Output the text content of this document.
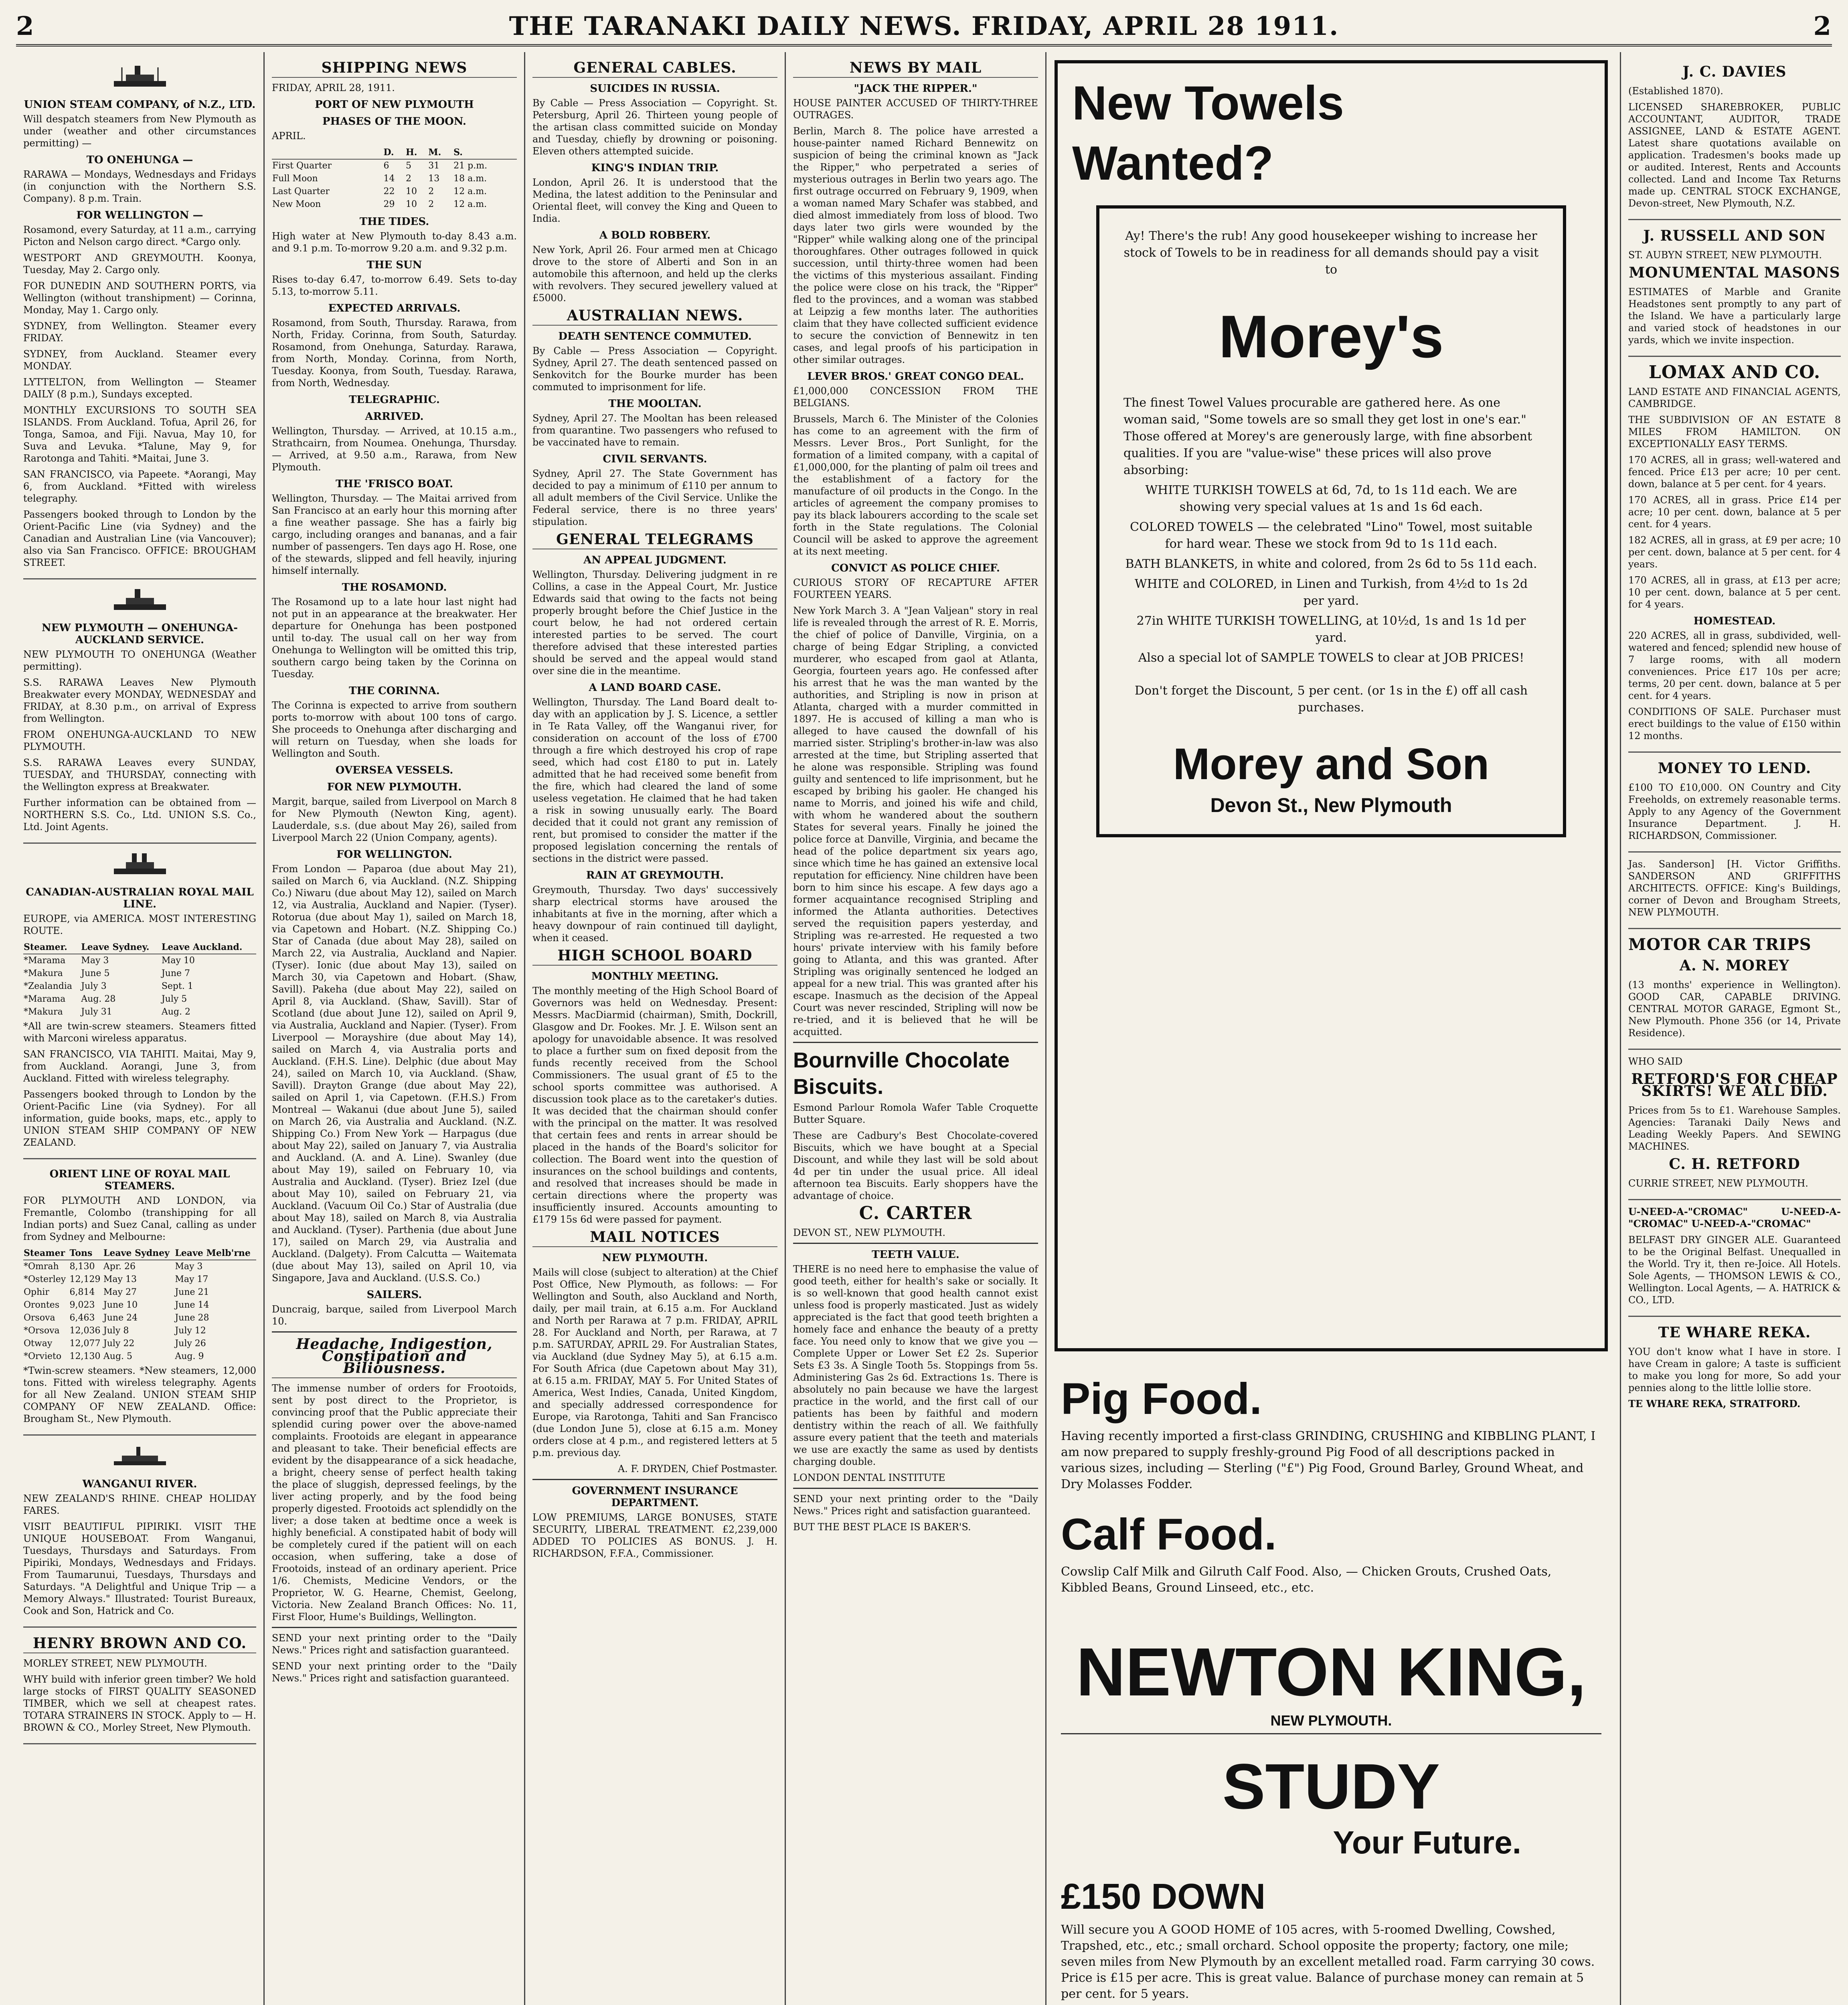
2	THE TARANAKI DAILY NEWS. FRIDAY, APRIL 28 1911.	2
UNION STEAM COMPANY, of N.Z., LTD.

Will despatch steamers from New Plymouth as under (weather and other circumstances permitting) —

TO ONEHUNGA —

RARAWA — Mondays, Wednesdays and Fridays (in conjunction with the Northern S.S. Company). 8 p.m. Train.

FOR WELLINGTON —

Rosamond, every Saturday, at 11 a.m., carrying Picton and Nelson cargo direct. *Cargo only.

WESTPORT AND GREYMOUTH. Koonya, Tuesday, May 2. Cargo only.

FOR DUNEDIN AND SOUTHERN PORTS, via Wellington (without transhipment) — Corinna, Monday, May 1. Cargo only.

SYDNEY, from Wellington. Steamer every FRIDAY.

SYDNEY, from Auckland. Steamer every MONDAY.

LYTTELTON, from Wellington — Steamer DAILY (8 p.m.), Sundays excepted.

MONTHLY EXCURSIONS TO SOUTH SEA ISLANDS. From Auckland. Tofua, April 26, for Tonga, Samoa, and Fiji. Navua, May 10, for Suva and Levuka. *Talune, May 9, for Rarotonga and Tahiti. *Maitai, June 3.

SAN FRANCISCO, via Papeete. *Aorangi, May 6, from Auckland. *Fitted with wireless telegraphy.

Passengers booked through to London by the Orient-Pacific Line (via Sydney) and the Canadian and Australian Line (via Vancouver); also via San Francisco. OFFICE: BROUGHAM STREET.

NEW PLYMOUTH — ONEHUNGA-AUCKLAND SERVICE.

NEW PLYMOUTH TO ONEHUNGA (Weather permitting).

S.S. RARAWA Leaves New Plymouth Breakwater every MONDAY, WEDNESDAY and FRIDAY, at 8.30 p.m., on arrival of Express from Wellington.

FROM ONEHUNGA-AUCKLAND TO NEW PLYMOUTH.

S.S. RARAWA Leaves every SUNDAY, TUESDAY, and THURSDAY, connecting with the Wellington express at Breakwater.

Further information can be obtained from — NORTHERN S.S. Co., Ltd. UNION S.S. Co., Ltd. Joint Agents.

CANADIAN-AUSTRALIAN ROYAL MAIL LINE.

EUROPE, via AMERICA. MOST INTERESTING ROUTE.

Steamer.	Leave Sydney.	Leave Auckland.
*Marama	May 3	May 10
*Makura	June 5	June 7
*Zealandia	July 3	Sept. 1
*Marama	Aug. 28	July 5
*Makura	July 31	Aug. 2

*All are twin-screw steamers. Steamers fitted with Marconi wireless apparatus.

SAN FRANCISCO, VIA TAHITI. Maitai, May 9, from Auckland. Aorangi, June 3, from Auckland. Fitted with wireless telegraphy.

Passengers booked through to London by the Orient-Pacific Line (via Sydney). For all information, guide books, maps, etc., apply to UNION STEAM SHIP COMPANY OF NEW ZEALAND.

ORIENT LINE OF ROYAL MAIL STEAMERS.

FOR PLYMOUTH AND LONDON, via Fremantle, Colombo (transhipping for all Indian ports) and Suez Canal, calling as under from Sydney and Melbourne:

Steamer	Tons	Leave Sydney	Leave Melb'rne
*Omrah	8,130	Apr. 26	May 3
*Osterley	12,129	May 13	May 17
Ophir	6,814	May 27	June 21
Orontes	9,023	June 10	June 14
Orsova	6,463	June 24	June 28
*Orsova	12,036	July 8	July 12
Otway	12,077	July 22	July 26
*Orvieto	12,130	Aug. 5	Aug. 9

*Twin-screw steamers. *New steamers, 12,000 tons. Fitted with wireless telegraphy. Agents for all New Zealand. UNION STEAM SHIP COMPANY OF NEW ZEALAND. Office: Brougham St., New Plymouth.

WANGANUI RIVER.

NEW ZEALAND'S RHINE. CHEAP HOLIDAY FARES.

VISIT BEAUTIFUL PIPIRIKI. VISIT THE UNIQUE HOUSEBOAT. From Wanganui, Tuesdays, Thursdays and Saturdays. From Pipiriki, Mondays, Wednesdays and Fridays. From Taumarunui, Tuesdays, Thursdays and Saturdays. "A Delightful and Unique Trip — a Memory Always." Illustrated: Tourist Bureaux, Cook and Son, Hatrick and Co.

HENRY BROWN AND CO.

MORLEY STREET, NEW PLYMOUTH.

WHY build with inferior green timber? We hold large stocks of FIRST QUALITY SEASONED TIMBER, which we sell at cheapest rates. TOTARA STRAINERS IN STOCK. Apply to — H. BROWN & CO., Morley Street, New Plymouth.

SHIPPING NEWS

FRIDAY, APRIL 28, 1911.

PORT OF NEW PLYMOUTH
PHASES OF THE MOON.

APRIL.

	D.	H.	M.	S.
First Quarter	6	5	31	21 p.m.
Full Moon	14	2	13	18 a.m.
Last Quarter	22	10	2	12 a.m.
New Moon	29	10	2	12 a.m.
THE TIDES.

High water at New Plymouth to-day 8.43 a.m. and 9.1 p.m. To-morrow 9.20 a.m. and 9.32 p.m.

THE SUN

Rises to-day 6.47, to-morrow 6.49. Sets to-day 5.13, to-morrow 5.11.

EXPECTED ARRIVALS.

Rosamond, from South, Thursday. Rarawa, from North, Friday. Corinna, from South, Saturday. Rosamond, from Onehunga, Saturday. Rarawa, from North, Monday. Corinna, from North, Tuesday. Koonya, from South, Tuesday. Rarawa, from North, Wednesday.

TELEGRAPHIC.
ARRIVED.

Wellington, Thursday. — Arrived, at 10.15 a.m., Strathcairn, from Noumea. Onehunga, Thursday. — Arrived, at 9.50 a.m., Rarawa, from New Plymouth.

THE 'FRISCO BOAT.

Wellington, Thursday. — The Maitai arrived from San Francisco at an early hour this morning after a fine weather passage. She has a fairly big cargo, including oranges and bananas, and a fair number of passengers. Ten days ago H. Rose, one of the stewards, slipped and fell heavily, injuring himself internally.

THE ROSAMOND.

The Rosamond up to a late hour last night had not put in an appearance at the breakwater. Her departure for Onehunga has been postponed until to-day. The usual call on her way from Onehunga to Wellington will be omitted this trip, southern cargo being taken by the Corinna on Tuesday.

THE CORINNA.

The Corinna is expected to arrive from southern ports to-morrow with about 100 tons of cargo. She proceeds to Onehunga after discharging and will return on Tuesday, when she loads for Wellington and South.

OVERSEA VESSELS.
FOR NEW PLYMOUTH.

Margit, barque, sailed from Liverpool on March 8 for New Plymouth (Newton King, agent). Lauderdale, s.s. (due about May 26), sailed from Liverpool March 22 (Union Company, agents).

FOR WELLINGTON.

From London — Paparoa (due about May 21), sailed on March 6, via Auckland. (N.Z. Shipping Co.) Niwaru (due about May 12), sailed on March 12, via Australia, Auckland and Napier. (Tyser). Rotorua (due about May 1), sailed on March 18, via Capetown and Hobart. (N.Z. Shipping Co.) Star of Canada (due about May 28), sailed on March 22, via Australia, Auckland and Napier. (Tyser). Ionic (due about May 13), sailed on March 30, via Capetown and Hobart. (Shaw, Savill). Pakeha (due about May 22), sailed on April 8, via Auckland. (Shaw, Savill). Star of Scotland (due about June 12), sailed on April 9, via Australia, Auckland and Napier. (Tyser). From Liverpool — Morayshire (due about May 14), sailed on March 4, via Australia ports and Auckland. (F.H.S. Line). Delphic (due about May 24), sailed on March 10, via Auckland. (Shaw, Savill). Drayton Grange (due about May 22), sailed on April 1, via Capetown. (F.H.S.) From Montreal — Wakanui (due about June 5), sailed on March 26, via Australia and Auckland. (N.Z. Shipping Co.) From New York — Harpagus (due about May 22), sailed on January 7, via Australia and Auckland. (A. and A. Line). Swanley (due about May 19), sailed on February 10, via Australia and Auckland. (Tyser). Briez Izel (due about May 10), sailed on February 21, via Auckland. (Vacuum Oil Co.) Star of Australia (due about May 18), sailed on March 8, via Australia and Auckland. (Tyser). Parthenia (due about June 17), sailed on March 29, via Australia and Auckland. (Dalgety). From Calcutta — Waitemata (due about May 13), sailed on April 10, via Singapore, Java and Auckland. (U.S.S. Co.)

SAILERS.

Duncraig, barque, sailed from Liverpool March 10.

Headache, Indigestion, Constipation and Biliousness.

The immense number of orders for Frootoids, sent by post direct to the Proprietor, is convincing proof that the Public appreciate their splendid curing power over the above-named complaints. Frootoids are elegant in appearance and pleasant to take. Their beneficial effects are evident by the disappearance of a sick headache, a bright, cheery sense of perfect health taking the place of sluggish, depressed feelings, by the liver acting properly, and by the food being properly digested. Frootoids act splendidly on the liver; a dose taken at bedtime once a week is highly beneficial. A constipated habit of body will be completely cured if the patient will on each occasion, when suffering, take a dose of Frootoids, instead of an ordinary aperient. Price 1/6. Chemists, Medicine Vendors, or the Proprietor, W. G. Hearne, Chemist, Geelong, Victoria. New Zealand Branch Offices: No. 11, First Floor, Hume's Buildings, Wellington.

SEND your next printing order to the "Daily News." Prices right and satisfaction guaranteed.

SEND your next printing order to the "Daily News." Prices right and satisfaction guaranteed.

GENERAL CABLES.
SUICIDES IN RUSSIA.

By Cable — Press Association — Copyright. St. Petersburg, April 26. Thirteen young people of the artisan class committed suicide on Monday and Tuesday, chiefly by drowning or poisoning. Eleven others attempted suicide.

KING'S INDIAN TRIP.

London, April 26. It is understood that the Medina, the latest addition to the Peninsular and Oriental fleet, will convey the King and Queen to India.

A BOLD ROBBERY.

New York, April 26. Four armed men at Chicago drove to the store of Alberti and Son in an automobile this afternoon, and held up the clerks with revolvers. They secured jewellery valued at £5000.

AUSTRALIAN NEWS.
DEATH SENTENCE COMMUTED.

By Cable — Press Association — Copyright. Sydney, April 27. The death sentenced passed on Senkovitch for the Bourke murder has been commuted to imprisonment for life.

THE MOOLTAN.

Sydney, April 27. The Mooltan has been released from quarantine. Two passengers who refused to be vaccinated have to remain.

CIVIL SERVANTS.

Sydney, April 27. The State Government has decided to pay a minimum of £110 per annum to all adult members of the Civil Service. Unlike the Federal service, there is no three years' stipulation.

GENERAL TELEGRAMS
AN APPEAL JUDGMENT.

Wellington, Thursday. Delivering judgment in re Collins, a case in the Appeal Court, Mr. Justice Edwards said that owing to the facts not being properly brought before the Chief Justice in the court below, he had not ordered certain interested parties to be served. The court therefore advised that these interested parties should be served and the appeal would stand over sine die in the meantime.

A LAND BOARD CASE.

Wellington, Thursday. The Land Board dealt to-day with an application by J. S. Licence, a settler in Te Rata Valley, off the Wanganui river, for consideration on account of the loss of £700 through a fire which destroyed his crop of rape seed, which had cost £180 to put in. Lately admitted that he had received some benefit from the fire, which had cleared the land of some useless vegetation. He claimed that he had taken a risk in sowing unusually early. The Board decided that it could not grant any remission of rent, but promised to consider the matter if the proposed legislation concerning the rentals of sections in the district were passed.

RAIN AT GREYMOUTH.

Greymouth, Thursday. Two days' successively sharp electrical storms have aroused the inhabitants at five in the morning, after which a heavy downpour of rain continued till daylight, when it ceased.

HIGH SCHOOL BOARD
MONTHLY MEETING.

The monthly meeting of the High School Board of Governors was held on Wednesday. Present: Messrs. MacDiarmid (chairman), Smith, Dockrill, Glasgow and Dr. Fookes. Mr. J. E. Wilson sent an apology for unavoidable absence. It was resolved to place a further sum on fixed deposit from the funds recently received from the School Commissioners. The usual grant of £5 to the school sports committee was authorised. A discussion took place as to the caretaker's duties. It was decided that the chairman should confer with the principal on the matter. It was resolved that certain fees and rents in arrear should be placed in the hands of the Board's solicitor for collection. The Board went into the question of insurances on the school buildings and contents, and resolved that increases should be made in certain directions where the property was insufficiently insured. Accounts amounting to £179 15s 6d were passed for payment.

MAIL NOTICES
NEW PLYMOUTH.

Mails will close (subject to alteration) at the Chief Post Office, New Plymouth, as follows: — For Wellington and South, also Auckland and North, daily, per mail train, at 6.15 a.m. For Auckland and North per Rarawa at 7 p.m. FRIDAY, APRIL 28. For Auckland and North, per Rarawa, at 7 p.m. SATURDAY, APRIL 29. For Australian States, via Auckland (due Sydney May 5), at 6.15 a.m. For South Africa (due Capetown about May 31), at 6.15 a.m. FRIDAY, MAY 5. For United States of America, West Indies, Canada, United Kingdom, and specially addressed correspondence for Europe, via Rarotonga, Tahiti and San Francisco (due London June 5), close at 6.15 a.m. Money orders close at 4 p.m., and registered letters at 5 p.m. previous day.

A. F. DRYDEN, Chief Postmaster.

GOVERNMENT INSURANCE DEPARTMENT.

LOW PREMIUMS, LARGE BONUSES, STATE SECURITY, LIBERAL TREATMENT. £2,239,000 ADDED TO POLICIES AS BONUS. J. H. RICHARDSON, F.F.A., Commissioner.

NEWS BY MAIL
"JACK THE RIPPER."

HOUSE PAINTER ACCUSED OF THIRTY-THREE OUTRAGES.

Berlin, March 8. The police have arrested a house-painter named Richard Bennewitz on suspicion of being the criminal known as "Jack the Ripper," who perpetrated a series of mysterious outrages in Berlin two years ago. The first outrage occurred on February 9, 1909, when a woman named Mary Schafer was stabbed, and died almost immediately from loss of blood. Two days later two girls were wounded by the "Ripper" while walking along one of the principal thoroughfares. Other outrages followed in quick succession, until thirty-three women had been the victims of this mysterious assailant. Finding the police were close on his track, the "Ripper" fled to the provinces, and a woman was stabbed at Leipzig a few months later. The authorities claim that they have collected sufficient evidence to secure the conviction of Bennewitz in ten cases, and legal proofs of his participation in other similar outrages.

LEVER BROS.' GREAT CONGO DEAL.

£1,000,000 CONCESSION FROM THE BELGIANS.

Brussels, March 6. The Minister of the Colonies has come to an agreement with the firm of Messrs. Lever Bros., Port Sunlight, for the formation of a limited company, with a capital of £1,000,000, for the planting of palm oil trees and the establishment of a factory for the manufacture of oil products in the Congo. In the articles of agreement the company promises to pay its black labourers according to the scale set forth in the State regulations. The Colonial Council will be asked to approve the agreement at its next meeting.

CONVICT AS POLICE CHIEF.

CURIOUS STORY OF RECAPTURE AFTER FOURTEEN YEARS.

New York March 3. A "Jean Valjean" story in real life is revealed through the arrest of R. E. Morris, the chief of police of Danville, Virginia, on a charge of being Edgar Stripling, a convicted murderer, who escaped from gaol at Atlanta, Georgia, fourteen years ago. He confessed after his arrest that he was the man wanted by the authorities, and Stripling is now in prison at Atlanta, charged with a murder committed in 1897. He is accused of killing a man who is alleged to have caused the downfall of his married sister. Stripling's brother-in-law was also arrested at the time, but Stripling asserted that he alone was responsible. Stripling was found guilty and sentenced to life imprisonment, but he escaped by bribing his gaoler. He changed his name to Morris, and joined his wife and child, with whom he wandered about the southern States for several years. Finally he joined the police force at Danville, Virginia, and became the head of the police department six years ago, since which time he has gained an extensive local reputation for efficiency. Nine children have been born to him since his escape. A few days ago a former acquaintance recognised Stripling and informed the Atlanta authorities. Detectives served the requisition papers yesterday, and Stripling was re-arrested. He requested a two hours' private interview with his family before going to Atlanta, and this was granted. After Stripling was originally sentenced he lodged an appeal for a new trial. This was granted after his escape. Inasmuch as the decision of the Appeal Court was never rescinded, Stripling will now be re-tried, and it is believed that he will be acquitted.

Bournville Chocolate Biscuits.

Esmond Parlour Romola Wafer Table Croquette Butter Square.

These are Cadbury's Best Chocolate-covered Biscuits, which we have bought at a Special Discount, and while they last will be sold about 4d per tin under the usual price. All ideal afternoon tea Biscuits. Early shoppers have the advantage of choice.

C. CARTER

DEVON ST., NEW PLYMOUTH.

TEETH VALUE.

THERE is no need here to emphasise the value of good teeth, either for health's sake or socially. It is so well-known that good health cannot exist unless food is properly masticated. Just as widely appreciated is the fact that good teeth brighten a homely face and enhance the beauty of a pretty face. You need only to know that we give you — Complete Upper or Lower Set £2 2s. Superior Sets £3 3s. A Single Tooth 5s. Stoppings from 5s. Administering Gas 2s 6d. Extractions 1s. There is absolutely no pain because we have the largest practice in the world, and the first call of our patients has been by faithful and modern dentistry within the reach of all. We faithfully assure every patient that the teeth and materials we use are exactly the same as used by dentists charging double.

LONDON DENTAL INSTITUTE

SEND your next printing order to the "Daily News." Prices right and satisfaction guaranteed.

BUT THE BEST PLACE IS BAKER'S.

New Towels
Wanted?

Ay! There's the rub! Any good housekeeper wishing to increase her stock of Towels to be in readiness for all demands should pay a visit to

Morey's

The finest Towel Values procurable are gathered here. As one woman said, "Some towels are so small they get lost in one's ear." Those offered at Morey's are generously large, with fine absorbent qualities. If you are "value-wise" these prices will also prove absorbing:

WHITE TURKISH TOWELS at 6d, 7d, to 1s 11d each. We are showing very special values at 1s and 1s 6d each.

COLORED TOWELS — the celebrated "Lino" Towel, most suitable for hard wear. These we stock from 9d to 1s 11d each.

BATH BLANKETS, in white and colored, from 2s 6d to 5s 11d each.

WHITE and COLORED, in Linen and Turkish, from 4½d to 1s 2d per yard.

27in WHITE TURKISH TOWELLING, at 10½d, 1s and 1s 1d per yard.

Also a special lot of SAMPLE TOWELS to clear at JOB PRICES!

Don't forget the Discount, 5 per cent. (or 1s in the £) off all cash purchases.

Morey and Son
Devon St., New Plymouth
Pig Food.

Having recently imported a first-class GRINDING, CRUSHING and KIBBLING PLANT, I am now prepared to supply freshly-ground Pig Food of all descriptions packed in various sizes, including — Sterling ("£") Pig Food, Ground Barley, Ground Wheat, and Dry Molasses Fodder.

Calf Food.

Cowslip Calf Milk and Gilruth Calf Food. Also, — Chicken Grouts, Crushed Oats, Kibbled Beans, Ground Linseed, etc., etc.

NEWTON KING,
NEW PLYMOUTH.
STUDY
Your Future.
£150 DOWN

Will secure you A GOOD HOME of 105 acres, with 5-roomed Dwelling, Cowshed, Trapshed, etc., etc.; small orchard. School opposite the property; factory, one mile; seven miles from New Plymouth by an excellent metalled road. Farm carrying 30 cows. Price is £15 per acre. This is great value. Balance of purchase money can remain at 5 per cent. for 5 years.

J. C. DAVIES

(Established 1870).

LICENSED SHAREBROKER, PUBLIC ACCOUNTANT, AUDITOR, TRADE ASSIGNEE, LAND & ESTATE AGENT. Latest share quotations available on application. Tradesmen's books made up or audited. Interest, Rents and Accounts collected. Land and Income Tax Returns made up. CENTRAL STOCK EXCHANGE, Devon-street, New Plymouth, N.Z.

J. RUSSELL AND SON

ST. AUBYN STREET, NEW PLYMOUTH.

MONUMENTAL MASONS

ESTIMATES of Marble and Granite Headstones sent promptly to any part of the Island. We have a particularly large and varied stock of headstones in our yards, which we invite inspection.

LOMAX AND CO.

LAND ESTATE AND FINANCIAL AGENTS, CAMBRIDGE.

THE SUBDIVISION OF AN ESTATE 8 MILES FROM HAMILTON. ON EXCEPTIONALLY EASY TERMS.

170 ACRES, all in grass; well-watered and fenced. Price £13 per acre; 10 per cent. down, balance at 5 per cent. for 4 years.

170 ACRES, all in grass. Price £14 per acre; 10 per cent. down, balance at 5 per cent. for 4 years.

182 ACRES, all in grass, at £9 per acre; 10 per cent. down, balance at 5 per cent. for 4 years.

170 ACRES, all in grass, at £13 per acre; 10 per cent. down, balance at 5 per cent. for 4 years.

HOMESTEAD.

220 ACRES, all in grass, subdivided, well-watered and fenced; splendid new house of 7 large rooms, with all modern conveniences. Price £17 10s per acre; terms, 20 per cent. down, balance at 5 per cent. for 4 years.

CONDITIONS OF SALE. Purchaser must erect buildings to the value of £150 within 12 months.

MONEY TO LEND.

£100 TO £10,000. ON Country and City Freeholds, on extremely reasonable terms. Apply to any Agency of the Government Insurance Department. J. H. RICHARDSON, Commissioner.

Jas. Sanderson] [H. Victor Griffiths. SANDERSON AND GRIFFITHS ARCHITECTS. OFFICE: King's Buildings, corner of Devon and Brougham Streets, NEW PLYMOUTH.

MOTOR CAR TRIPS
A. N. MOREY

(13 months' experience in Wellington). GOOD CAR, CAPABLE DRIVING. CENTRAL MOTOR GARAGE, Egmont St., New Plymouth. Phone 356 (or 14, Private Residence).

WHO SAID

RETFORD'S FOR CHEAP SKIRTS! WE ALL DID.

Prices from 5s to £1. Warehouse Samples. Agencies: Taranaki Daily News and Leading Weekly Papers. And SEWING MACHINES.

C. H. RETFORD

CURRIE STREET, NEW PLYMOUTH.

U-NEED-A-"CROMAC" U-NEED-A-"CROMAC" U-NEED-A-"CROMAC"

BELFAST DRY GINGER ALE. Guaranteed to be the Original Belfast. Unequalled in the World. Try it, then re-Joice. All Hotels. Sole Agents, — THOMSON LEWIS & CO., Wellington. Local Agents, — A. HATRICK & CO., LTD.

TE WHARE REKA.

YOU don't know what I have in store. I have Cream in galore; A taste is sufficient to make you long for more, So add your pennies along to the little lollie store.

TE WHARE REKA, STRATFORD.
